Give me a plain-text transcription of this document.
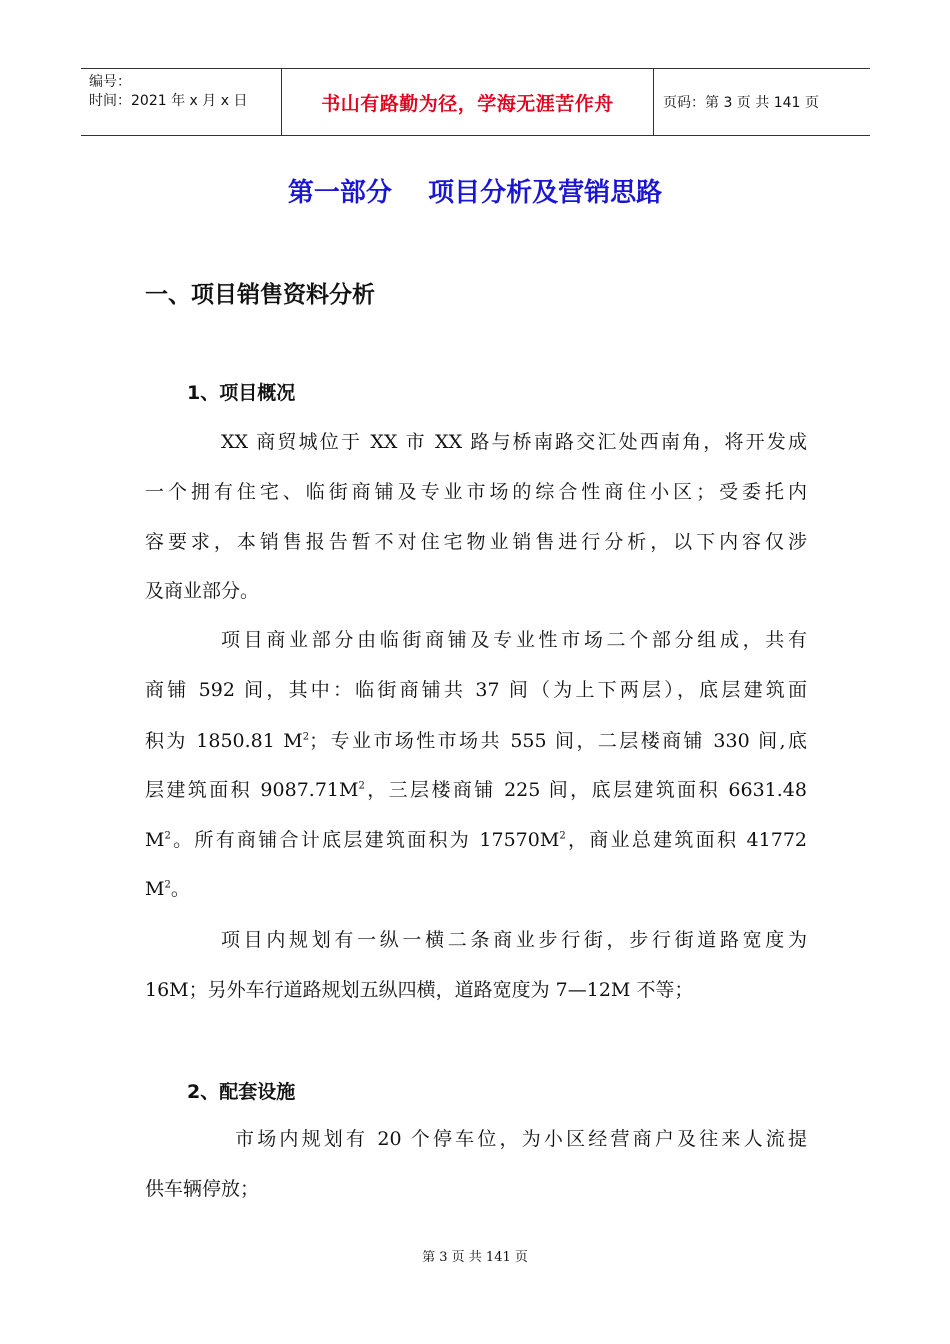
编号：
时间：2021 年 x 月 x 日	书山有路勤为径，学海无涯苦作舟	页码：第 3 页 共 141 页
第一部分    项目分析及营销思路
一、项目销售资料分析
1、项目概况
XX 商贸城位于 XX 市 XX 路与桥南路交汇处西南角，将开发成
一个拥有住宅、临街商铺及专业市场的综合性商住小区；受委托内
容要求，本销售报告暂不对住宅物业销售进行分析，以下内容仅涉
及商业部分。
项目商业部分由临街商铺及专业性市场二个部分组成，共有
商铺 592 间，其中：临街商铺共 37 间（为上下两层），底层建筑面
积为 1850.81 $M^2$；专业市场性市场共 555 间，二层楼商铺 330 间,底
层建筑面积 $9087.71M^2$，三层楼商铺 225 间，底层建筑面积 6631.48
$M^2$。所有商铺合计底层建筑面积为 $17570M^2$，商业总建筑面积 41772
$M^2$。
项目内规划有一纵一横二条商业步行街，步行街道路宽度为
16M；另外车行道路规划五纵四横，道路宽度为 7—12M 不等；
2、配套设施
市场内规划有 20 个停车位，为小区经营商户及往来人流提
供车辆停放；
第 3 页 共 141 页
